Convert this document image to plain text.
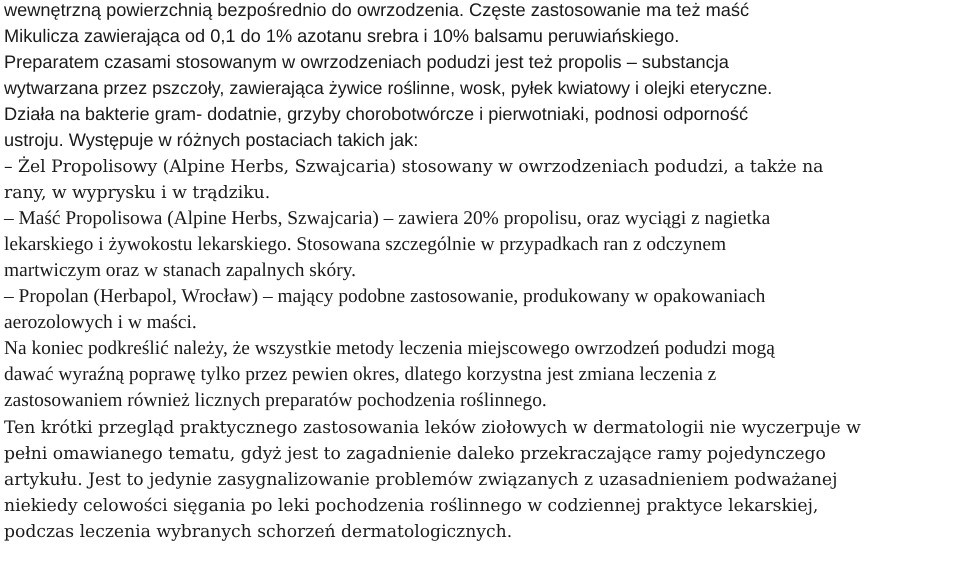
wewnętrzną powierzchnią bezpośrednio do owrzodzenia. Częste zastosowanie ma też maść
Mikulicza zawierająca od 0,1 do 1% azotanu srebra i 10% balsamu peruwiańskiego.
Preparatem czasami stosowanym w owrzodzeniach podudzi jest też propolis – substancja
wytwarzana przez pszczoły, zawierająca żywice roślinne, wosk, pyłek kwiatowy i olejki eteryczne.
Działa na bakterie gram- dodatnie, grzyby chorobotwórcze i pierwotniaki, podnosi odporność
ustroju. Występuje w różnych postaciach takich jak:
– Żel Propolisowy (Alpine Herbs, Szwajcaria) stosowany w owrzodzeniach podudzi, a także na
rany, w wyprysku i w trądziku.
– Maść Propolisowa (Alpine Herbs, Szwajcaria) – zawiera 20% propolisu, oraz wyciągi z nagietka
lekarskiego i żywokostu lekarskiego. Stosowana szczególnie w przypadkach ran z odczynem
martwiczym oraz w stanach zapalnych skóry.
– Propolan (Herbapol, Wrocław) – mający podobne zastosowanie, produkowany w opakowaniach
aerozolowych i w maści.
Na koniec podkreślić należy, że wszystkie metody leczenia miejscowego owrzodzeń podudzi mogą
dawać wyraźną poprawę tylko przez pewien okres, dlatego korzystna jest zmiana leczenia z
zastosowaniem również licznych preparatów pochodzenia roślinnego.
Ten krótki przegląd praktycznego zastosowania leków ziołowych w dermatologii nie wyczerpuje w
pełni omawianego tematu, gdyż jest to zagadnienie daleko przekraczające ramy pojedynczego
artykułu. Jest to jedynie zasygnalizowanie problemów związanych z uzasadnieniem podważanej
niekiedy celowości sięgania po leki pochodzenia roślinnego w codziennej praktyce lekarskiej,
podczas leczenia wybranych schorzeń dermatologicznych.
